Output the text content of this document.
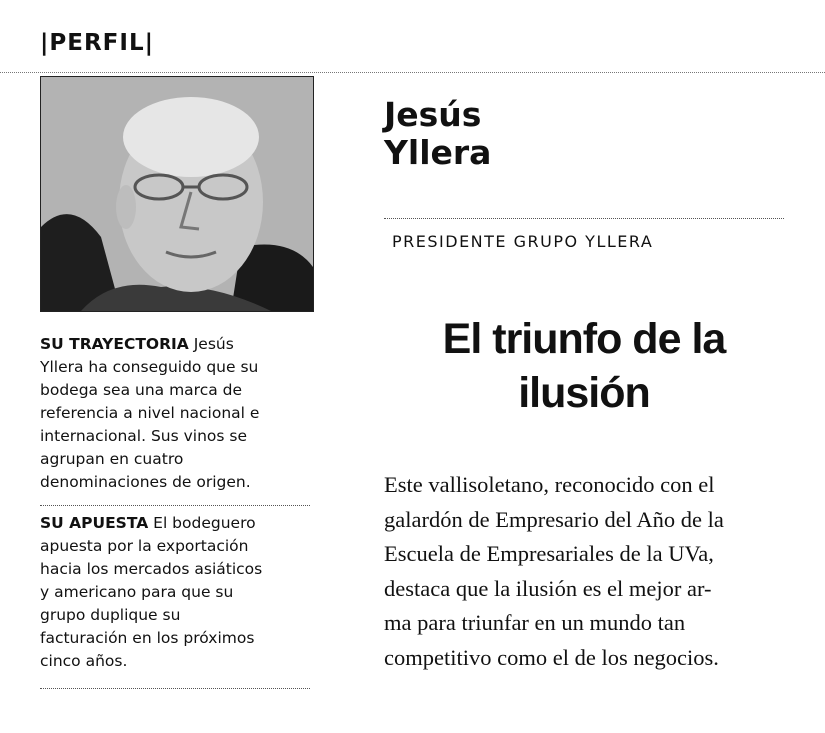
|PERFIL|
SU TRAYECTORIA Jesús
Yllera ha conseguido que su
bodega sea una marca de
referencia a nivel nacional e
internacional. Sus vinos se
agrupan en cuatro
denominaciones de origen.
SU APUESTA El bodeguero
apuesta por la exportación
hacia los mercados asiáticos
y americano para que su
grupo duplique su
facturación en los próximos
cinco años.
Jesús
Yllera
PRESIDENTE GRUPO YLLERA
El triunfo de la
ilusión
Este vallisoletano, reconocido con el
galardón de Empresario del Año de la
Escuela de Empresariales de la UVa,
destaca que la ilusión es el mejor ar-
ma para triunfar en un mundo tan
competitivo como el de los negocios.
